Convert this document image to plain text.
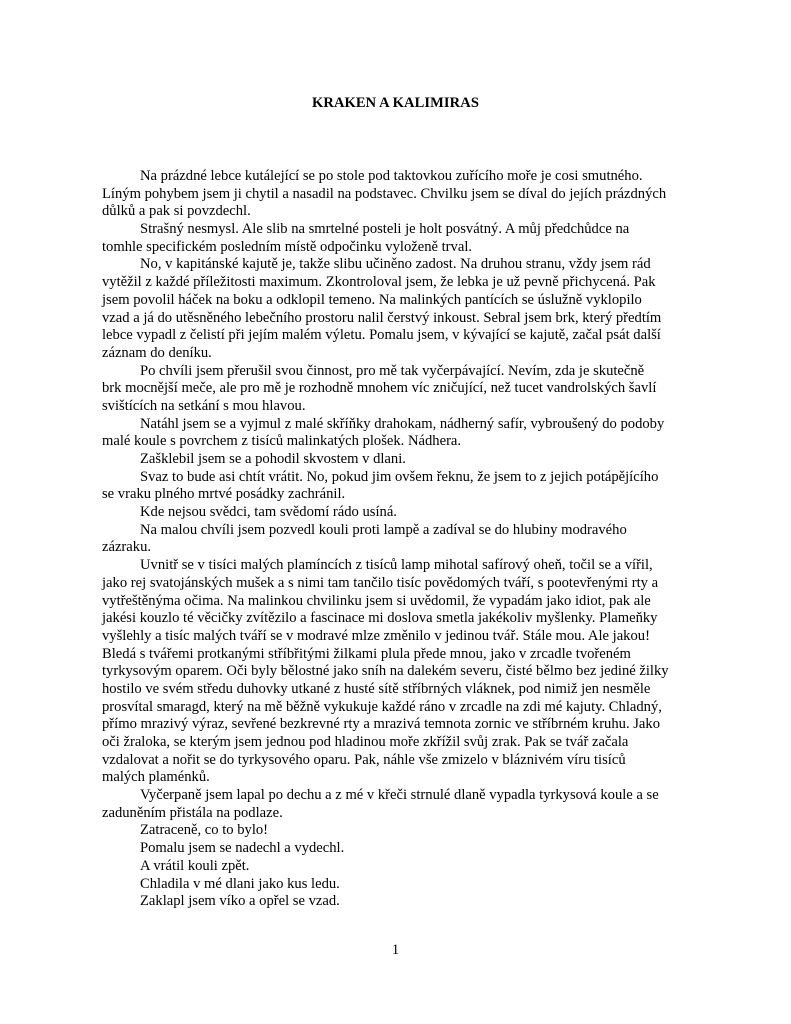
KRAKEN A KALIMIRAS
Na prázdné lebce kutálející se po stole pod taktovkou zuřícího moře je cosi smutného.
Líným pohybem jsem ji chytil a nasadil na podstavec. Chvilku jsem se díval do jejích prázdných
důlků a pak si povzdechl.
Strašný nesmysl. Ale slib na smrtelné posteli je holt posvátný. A můj předchůdce na
tomhle specifickém posledním místě odpočinku vyloženě trval.
No, v kapitánské kajutě je, takže slibu učiněno zadost. Na druhou stranu, vždy jsem rád
vytěžil z každé příležitosti maximum. Zkontroloval jsem, že lebka je už pevně přichycená. Pak
jsem povolil háček na boku a odklopil temeno. Na malinkých pantících se úslužně vyklopilo
vzad a já do utěsněného lebečního prostoru nalil čerstvý inkoust. Sebral jsem brk, který předtím
lebce vypadl z čelistí při jejím malém výletu. Pomalu jsem, v kývající se kajutě, začal psát další
záznam do deníku.
Po chvíli jsem přerušil svou činnost, pro mě tak vyčerpávající. Nevím, zda je skutečně
brk mocnější meče, ale pro mě je rozhodně mnohem víc zničující, než tucet vandrolských šavlí
svištících na setkání s mou hlavou.
Natáhl jsem se a vyjmul z malé skříňky drahokam, nádherný safír, vybroušený do podoby
malé koule s povrchem z tisíců malinkatých plošek. Nádhera.
Zašklebil jsem se a pohodil skvostem v dlani.
Svaz to bude asi chtít vrátit. No, pokud jim ovšem řeknu, že jsem to z jejich potápějícího
se vraku plného mrtvé posádky zachránil.
Kde nejsou svědci, tam svědomí rádo usíná.
Na malou chvíli jsem pozvedl kouli proti lampě a zadíval se do hlubiny modravého
zázraku.
Uvnitř se v tisíci malých plamíncích z tisíců lamp mihotal safírový oheň, točil se a vířil,
jako rej svatojánských mušek a s nimi tam tančilo tisíc povědomých tváří, s pootevřenými rty a
vytřeštěnýma očima. Na malinkou chvilinku jsem si uvědomil, že vypadám jako idiot, pak ale
jakési kouzlo té věcičky zvítězilo a fascinace mi doslova smetla jakékoliv myšlenky. Plameňky
vyšlehly a tisíc malých tváří se v modravé mlze změnilo v jedinou tvář. Stále mou. Ale jakou!
Bledá s tvářemi protkanými stříbřitými žilkami plula přede mnou, jako v zrcadle tvořeném
tyrkysovým oparem. Oči byly bělostné jako sníh na dalekém severu, čisté bělmo bez jediné žilky
hostilo ve svém středu duhovky utkané z husté sítě stříbrných vláknek, pod nimiž jen nesměle
prosvítal smaragd, který na mě běžně vykukuje každé ráno v zrcadle na zdi mé kajuty. Chladný,
přímo mrazivý výraz, sevřené bezkrevné rty a mrazivá temnota zornic ve stříbrném kruhu. Jako
oči žraloka, se kterým jsem jednou pod hladinou moře zkřížil svůj zrak. Pak se tvář začala
vzdalovat a nořit se do tyrkysového oparu. Pak, náhle vše zmizelo v bláznivém víru tisíců
malých plaménků.
Vyčerpaně jsem lapal po dechu a z mé v křeči strnulé dlaně vypadla tyrkysová koule a se
zaduněním přistála na podlaze.
Zatraceně, co to bylo!
Pomalu jsem se nadechl a vydechl.
A vrátil kouli zpět.
Chladila v mé dlani jako kus ledu.
Zaklapl jsem víko a opřel se vzad.
1
